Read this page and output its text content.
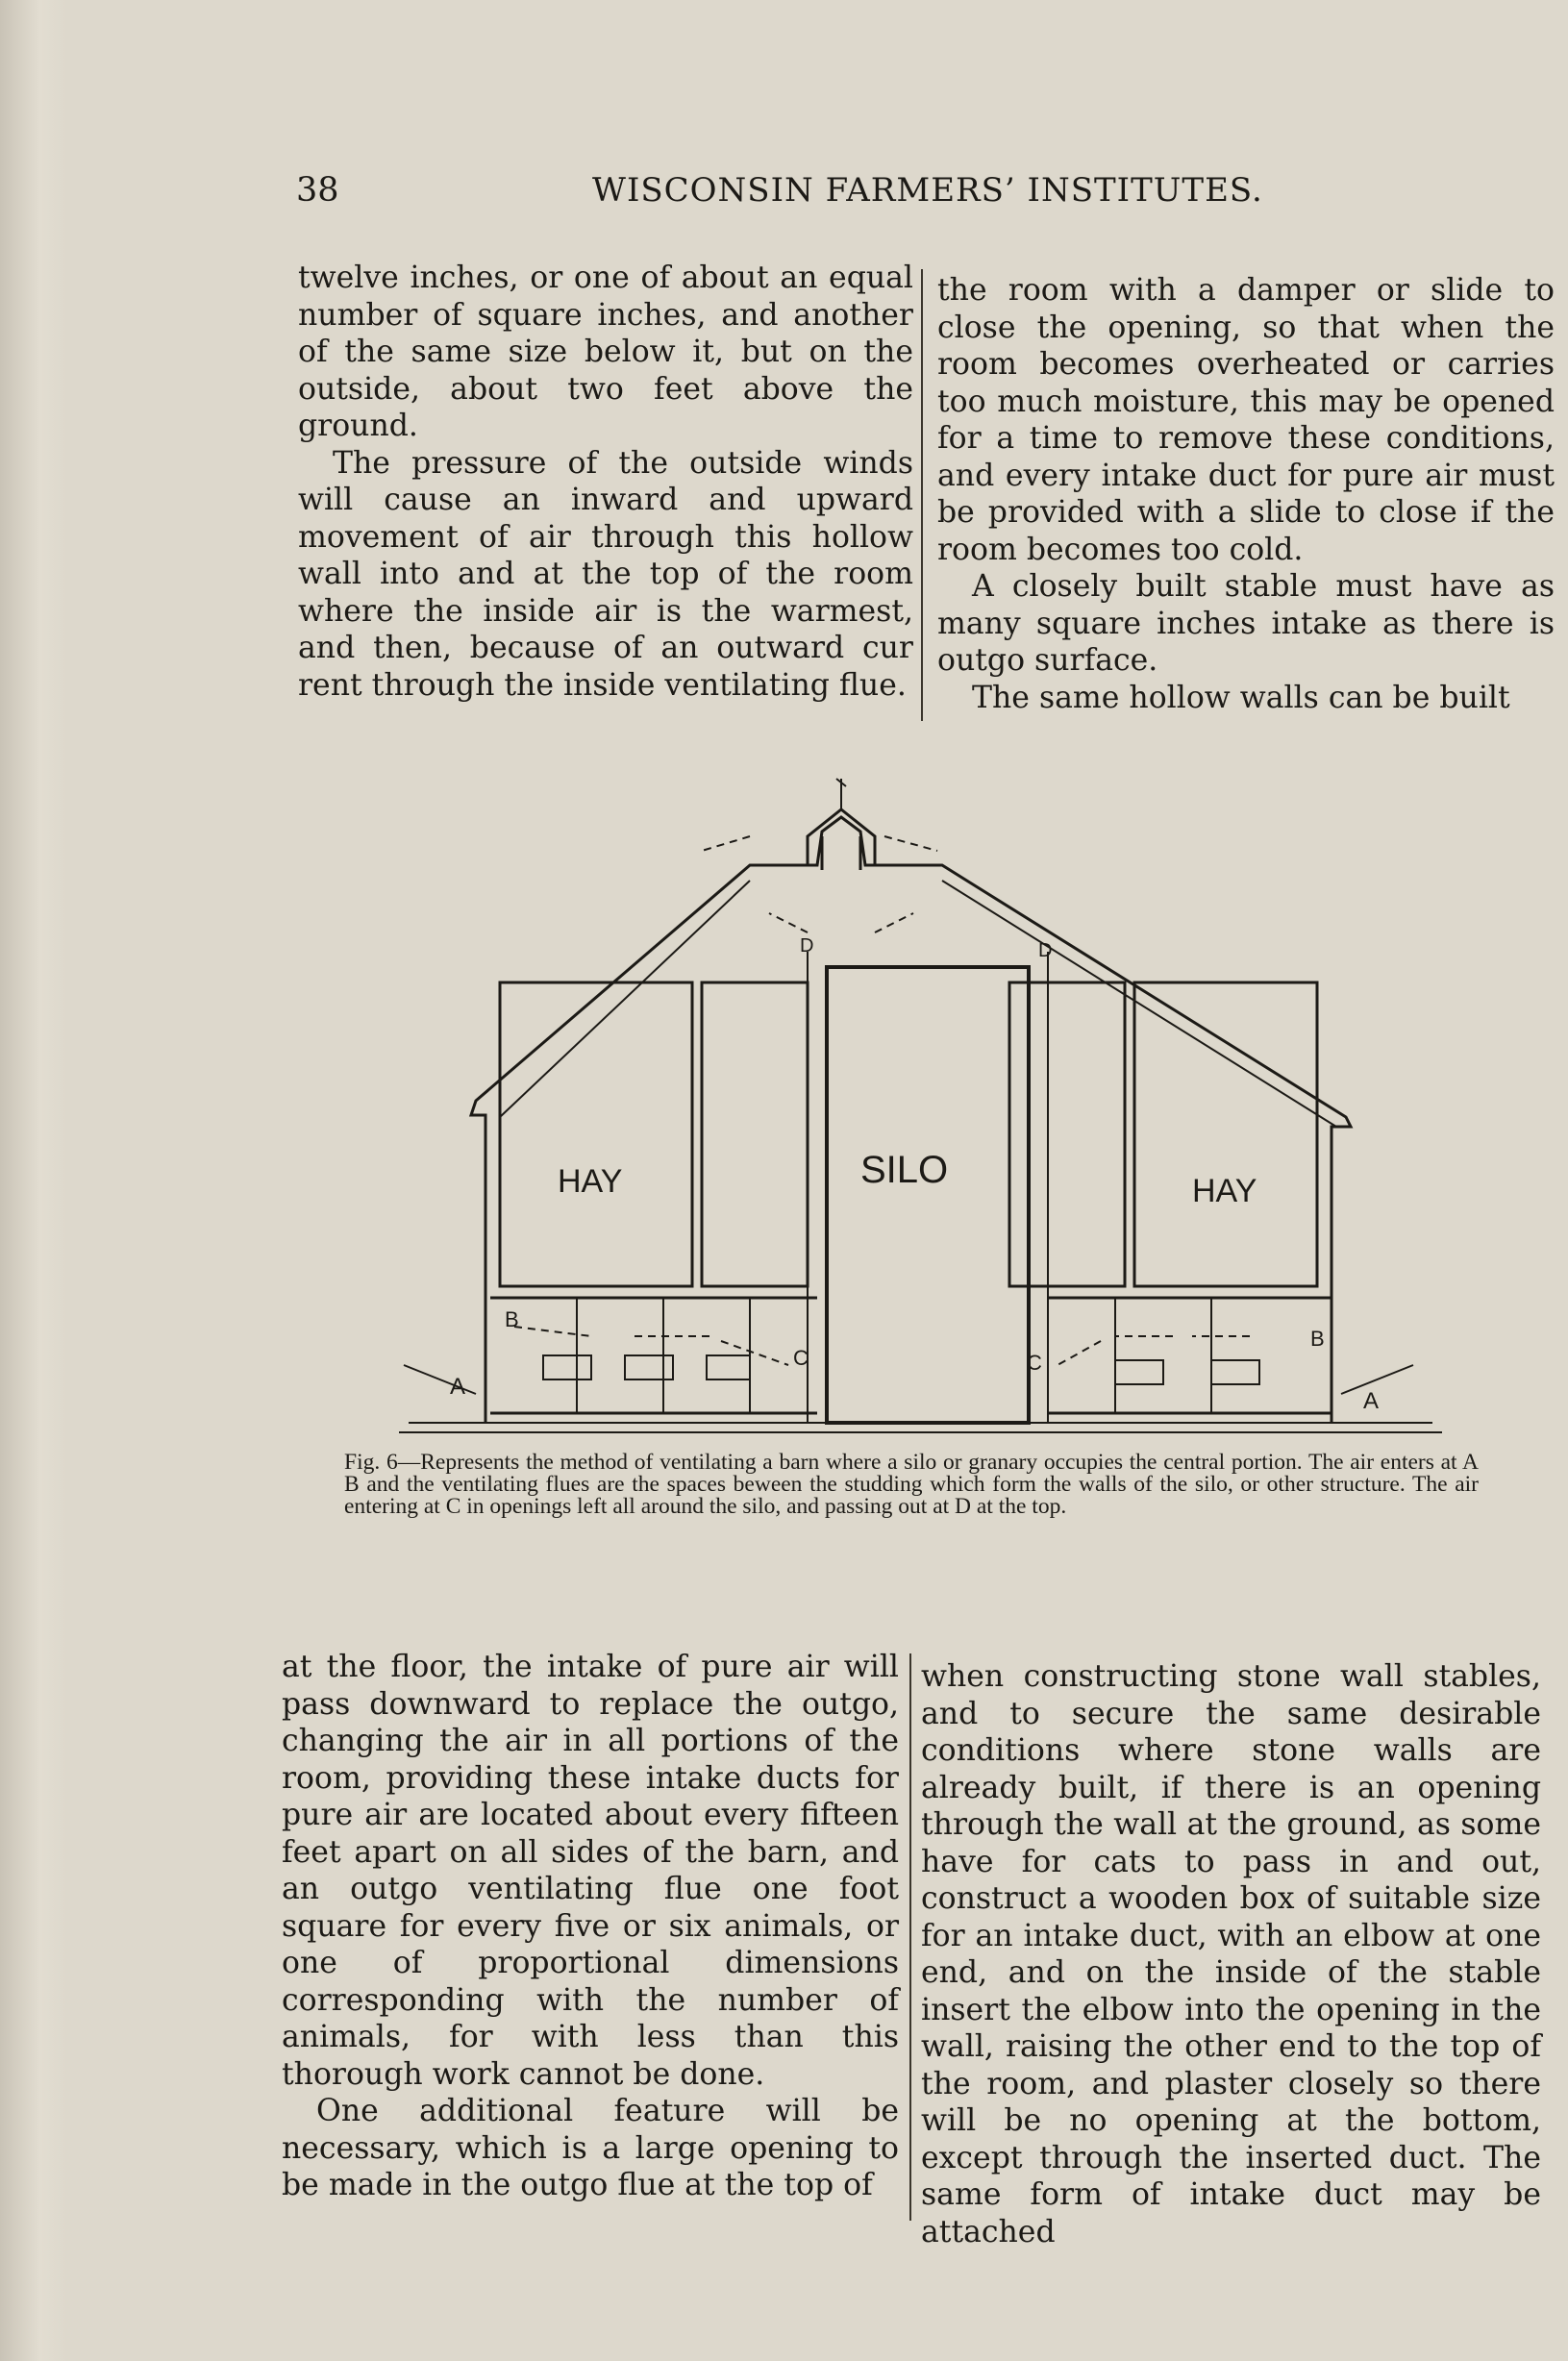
38	WISCONSIN FARMERS’ INSTITUTES.

twelve inches, or one of about an equal number of square inches, and another of the same size below it, but on the outside, about two feet above the ground.

The pressure of the outside winds will cause an inward and upward movement of air through this hollow wall into and at the top of the room where the inside air is the warmest, and then, because of an outward cur rent through the inside ventilating flue.

the room with a damper or slide to close the opening, so that when the room becomes overheated or carries too much moisture, this may be opened for a time to remove these conditions, and every intake duct for pure air must be provided with a slide to close if the room becomes too cold.

A closely built stable must have as many square inches intake as there is outgo surface.

The same hollow walls can be built

SILO
HAY	HAY
A
A
B
B
C	C
D	D

Fig. 6—Represents the method of ventilating a barn where a silo or granary occupies the central portion. The air enters at A B and the ventilating flues are the spaces beween the studding which form the walls of the silo, or other structure. The air entering at C in openings left all around the silo, and passing out at D at the top.

at the floor, the intake of pure air will pass downward to replace the outgo, changing the air in all portions of the room, providing these intake ducts for pure air are located about every fifteen feet apart on all sides of the barn, and an outgo ventilating flue one foot square for every five or six animals, or one of proportional dimensions corresponding with the number of animals, for with less than this thorough work cannot be done.

One additional feature will be necessary, which is a large opening to be made in the outgo flue at the top of

when constructing stone wall stables, and to secure the same desirable conditions where stone walls are already built, if there is an opening through the wall at the ground, as some have for cats to pass in and out, construct a wooden box of suitable size for an intake duct, with an elbow at one end, and on the inside of the stable insert the elbow into the opening in the wall, raising the other end to the top of the room, and plaster closely so there will be no opening at the bottom, except through the inserted duct. The same form of intake duct may be attached
